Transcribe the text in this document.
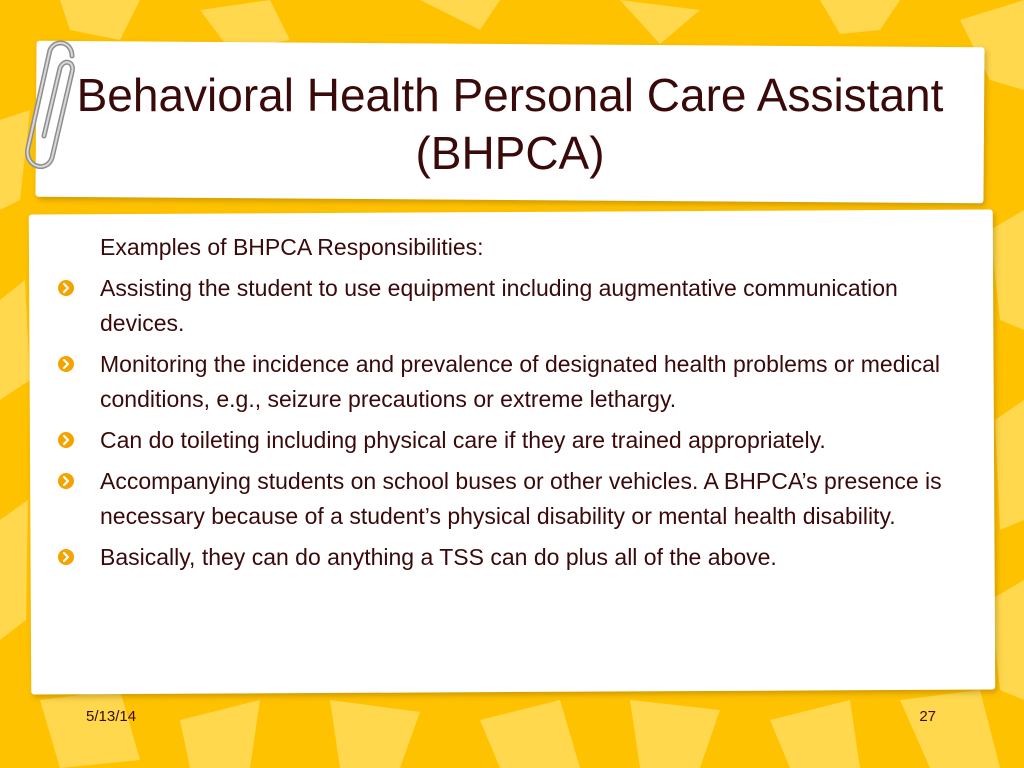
Behavioral Health Personal Care Assistant (BHPCA)
Examples of BHPCA Responsibilities:
Assisting the student to use equipment including augmentative communication devices.
Monitoring the incidence and prevalence of designated health problems or medical conditions, e.g., seizure precautions or extreme lethargy.
Can do toileting including physical care if they are trained appropriately.
Accompanying students on school buses or other vehicles. A BHPCA’s presence is necessary because of a student’s physical disability or mental health disability.
Basically, they can do anything a TSS can do plus all of the above.
5/13/14	27
